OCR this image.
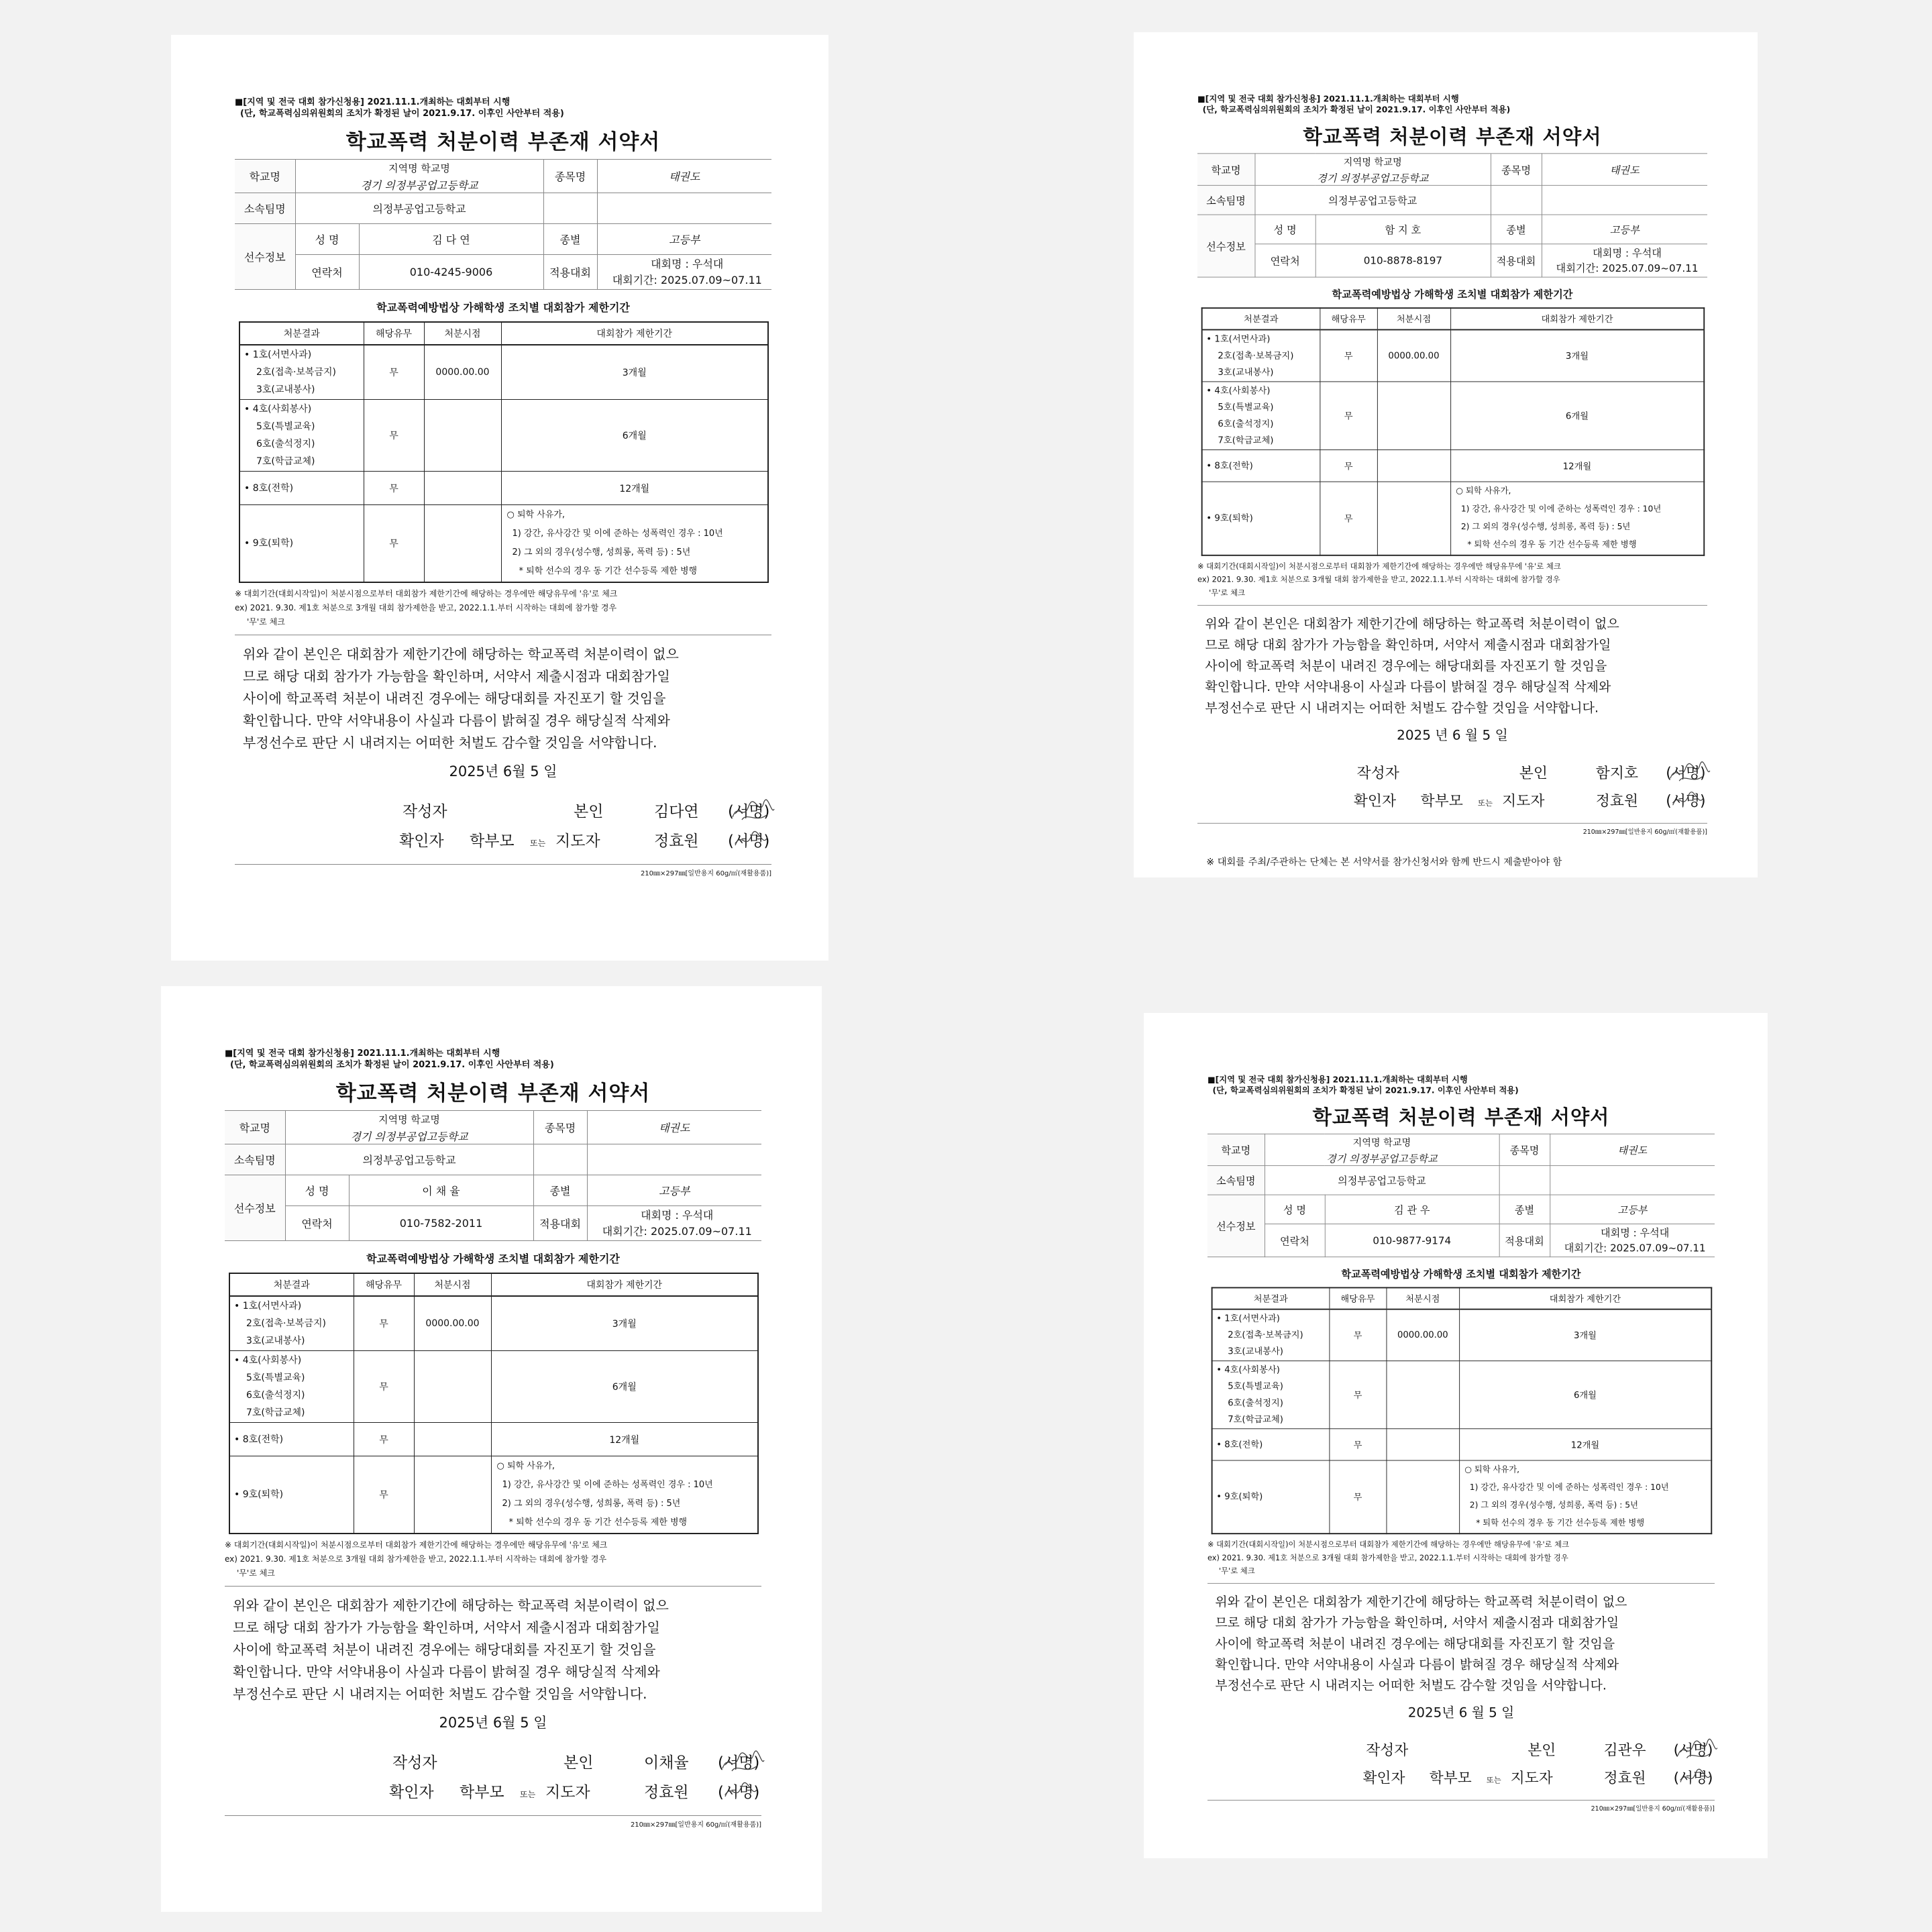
■[지역 및 전국 대회 참가신청용] 2021.11.1.개최하는 대회부터 시행
(단, 학교폭력심의위원회의 조치가 확정된 날이 2021.9.17. 이후인 사안부터 적용)
학교폭력 처분이력 부존재 서약서
학교명	지역명 학교명		종목명	태권도
	경기 의정부공업고등학교			
소속팀명	의정부공업고등학교			
선수정보	성 명	김 다 연	종별	고등부
	연락처	010-4245-9006	적용대회	대회명 : 우석대
대회기간: 2025.07.09~07.11
학교폭력예방법상 가해학생 조치별 대회참가 제한기간
처분결과	해당유무	처분시점	대회참가 제한기간

• 1호(서면사과)
2호(접촉·보복금지)
3호(교내봉사)	무	0000.00.00	3개월

• 4호(사회봉사)
5호(특별교육)
6호(출석정지)
7호(학급교체)	무		6개월
• 8호(전학)	무		12개월
• 9호(퇴학)	무		○ 퇴학 사유가,
1) 강간, 유사강간 및 이에 준하는 성폭력인 경우 : 10년
2) 그 외의 경우(성수행, 성희롱, 폭력 등) : 5년
* 퇴학 선수의 경우 동 기간 선수등록 제한 병행
※ 대회기간(대회시작일)이 처분시점으로부터 대회참가 제한기간에 해당하는 경우에만 해당유무에 '유'로 체크
ex) 2021. 9.30. 제1호 처분으로 3개월 대회 참가제한을 받고, 2022.1.1.부터 시작하는 대회에 참가할 경우
'무'로 체크
위와 같이 본인은 대회참가 제한기간에 해당하는 학교폭력 처분이력이 없으
므로 해당 대회 참가가 가능함을 확인하며, 서약서 제출시점과 대회참가일
사이에 학교폭력 처분이 내려진 경우에는 해당대회를 자진포기 할 것임을
확인합니다. 만약 서약내용이 사실과 다름이 밝혀질 경우 해당실적 삭제와
부정선수로 판단 시 내려지는 어떠한 처벌도 감수할 것임을 서약합니다.
2025년 6월 5 일
작성자	본인	김다연 (서명)
확인자 학부모 또는 지도자	정효원 (서명)
210㎜×297㎜[일반용지 60g/㎡(재활용품)]
■[지역 및 전국 대회 참가신청용] 2021.11.1.개최하는 대회부터 시행
(단, 학교폭력심의위원회의 조치가 확정된 날이 2021.9.17. 이후인 사안부터 적용)
학교폭력 처분이력 부존재 서약서
학교명	지역명 학교명		종목명	태권도
	경기 의정부공업고등학교			
소속팀명	의정부공업고등학교			
선수정보	성 명	함 지 호	종별	고등부
	연락처	010-8878-8197	적용대회	대회명 : 우석대
대회기간: 2025.07.09~07.11
학교폭력예방법상 가해학생 조치별 대회참가 제한기간
처분결과	해당유무	처분시점	대회참가 제한기간

• 1호(서면사과)
2호(접촉·보복금지)
3호(교내봉사)	무	0000.00.00	3개월

• 4호(사회봉사)
5호(특별교육)
6호(출석정지)
7호(학급교체)	무		6개월
• 8호(전학)	무		12개월
• 9호(퇴학)	무		○ 퇴학 사유가,
1) 강간, 유사강간 및 이에 준하는 성폭력인 경우 : 10년
2) 그 외의 경우(성수행, 성희롱, 폭력 등) : 5년
* 퇴학 선수의 경우 동 기간 선수등록 제한 병행
※ 대회기간(대회시작일)이 처분시점으로부터 대회참가 제한기간에 해당하는 경우에만 해당유무에 '유'로 체크
ex) 2021. 9.30. 제1호 처분으로 3개월 대회 참가제한을 받고, 2022.1.1.부터 시작하는 대회에 참가할 경우
'무'로 체크
위와 같이 본인은 대회참가 제한기간에 해당하는 학교폭력 처분이력이 없으
므로 해당 대회 참가가 가능함을 확인하며, 서약서 제출시점과 대회참가일
사이에 학교폭력 처분이 내려진 경우에는 해당대회를 자진포기 할 것임을
확인합니다. 만약 서약내용이 사실과 다름이 밝혀질 경우 해당실적 삭제와
부정선수로 판단 시 내려지는 어떠한 처벌도 감수할 것임을 서약합니다.
2025 년 6 월 5 일
작성자	본인	함지호 (서명)
확인자 학부모 또는 지도자	정효원 (서명)
210㎜×297㎜[일반용지 60g/㎡(재활용품)]
※ 대회를 주최/주관하는 단체는 본 서약서를 참가신청서와 함께 반드시 제출받아야 함
■[지역 및 전국 대회 참가신청용] 2021.11.1.개최하는 대회부터 시행
(단, 학교폭력심의위원회의 조치가 확정된 날이 2021.9.17. 이후인 사안부터 적용)
학교폭력 처분이력 부존재 서약서
학교명	지역명 학교명		종목명	태권도
	경기 의정부공업고등학교			
소속팀명	의정부공업고등학교			
선수정보	성 명	이 채 율	종별	고등부
	연락처	010-7582-2011	적용대회	대회명 : 우석대
대회기간: 2025.07.09~07.11
학교폭력예방법상 가해학생 조치별 대회참가 제한기간
처분결과	해당유무	처분시점	대회참가 제한기간

• 1호(서면사과)
2호(접촉·보복금지)
3호(교내봉사)	무	0000.00.00	3개월

• 4호(사회봉사)
5호(특별교육)
6호(출석정지)
7호(학급교체)	무		6개월
• 8호(전학)	무		12개월
• 9호(퇴학)	무		○ 퇴학 사유가,
1) 강간, 유사강간 및 이에 준하는 성폭력인 경우 : 10년
2) 그 외의 경우(성수행, 성희롱, 폭력 등) : 5년
* 퇴학 선수의 경우 동 기간 선수등록 제한 병행
※ 대회기간(대회시작일)이 처분시점으로부터 대회참가 제한기간에 해당하는 경우에만 해당유무에 '유'로 체크
ex) 2021. 9.30. 제1호 처분으로 3개월 대회 참가제한을 받고, 2022.1.1.부터 시작하는 대회에 참가할 경우
'무'로 체크
위와 같이 본인은 대회참가 제한기간에 해당하는 학교폭력 처분이력이 없으
므로 해당 대회 참가가 가능함을 확인하며, 서약서 제출시점과 대회참가일
사이에 학교폭력 처분이 내려진 경우에는 해당대회를 자진포기 할 것임을
확인합니다. 만약 서약내용이 사실과 다름이 밝혀질 경우 해당실적 삭제와
부정선수로 판단 시 내려지는 어떠한 처벌도 감수할 것임을 서약합니다.
2025년 6월 5 일
작성자	본인	이채율 (서명)
확인자 학부모 또는 지도자	정효원 (서명)
210㎜×297㎜[일반용지 60g/㎡(재활용품)]
■[지역 및 전국 대회 참가신청용] 2021.11.1.개최하는 대회부터 시행
(단, 학교폭력심의위원회의 조치가 확정된 날이 2021.9.17. 이후인 사안부터 적용)
학교폭력 처분이력 부존재 서약서
학교명	지역명 학교명		종목명	태권도
	경기 의정부공업고등학교			
소속팀명	의정부공업고등학교			
선수정보	성 명	김 관 우	종별	고등부
	연락처	010-9877-9174	적용대회	대회명 : 우석대
대회기간: 2025.07.09~07.11
학교폭력예방법상 가해학생 조치별 대회참가 제한기간
처분결과	해당유무	처분시점	대회참가 제한기간

• 1호(서면사과)
2호(접촉·보복금지)
3호(교내봉사)	무	0000.00.00	3개월

• 4호(사회봉사)
5호(특별교육)
6호(출석정지)
7호(학급교체)	무		6개월
• 8호(전학)	무		12개월
• 9호(퇴학)	무		○ 퇴학 사유가,
1) 강간, 유사강간 및 이에 준하는 성폭력인 경우 : 10년
2) 그 외의 경우(성수행, 성희롱, 폭력 등) : 5년
* 퇴학 선수의 경우 동 기간 선수등록 제한 병행
※ 대회기간(대회시작일)이 처분시점으로부터 대회참가 제한기간에 해당하는 경우에만 해당유무에 '유'로 체크
ex) 2021. 9.30. 제1호 처분으로 3개월 대회 참가제한을 받고, 2022.1.1.부터 시작하는 대회에 참가할 경우
'무'로 체크
위와 같이 본인은 대회참가 제한기간에 해당하는 학교폭력 처분이력이 없으
므로 해당 대회 참가가 가능함을 확인하며, 서약서 제출시점과 대회참가일
사이에 학교폭력 처분이 내려진 경우에는 해당대회를 자진포기 할 것임을
확인합니다. 만약 서약내용이 사실과 다름이 밝혀질 경우 해당실적 삭제와
부정선수로 판단 시 내려지는 어떠한 처벌도 감수할 것임을 서약합니다.
2025년 6 월 5 일
작성자	본인	김관우 (서명)
확인자 학부모 또는 지도자	정효원 (서명)
210㎜×297㎜[일반용지 60g/㎡(재활용품)]
